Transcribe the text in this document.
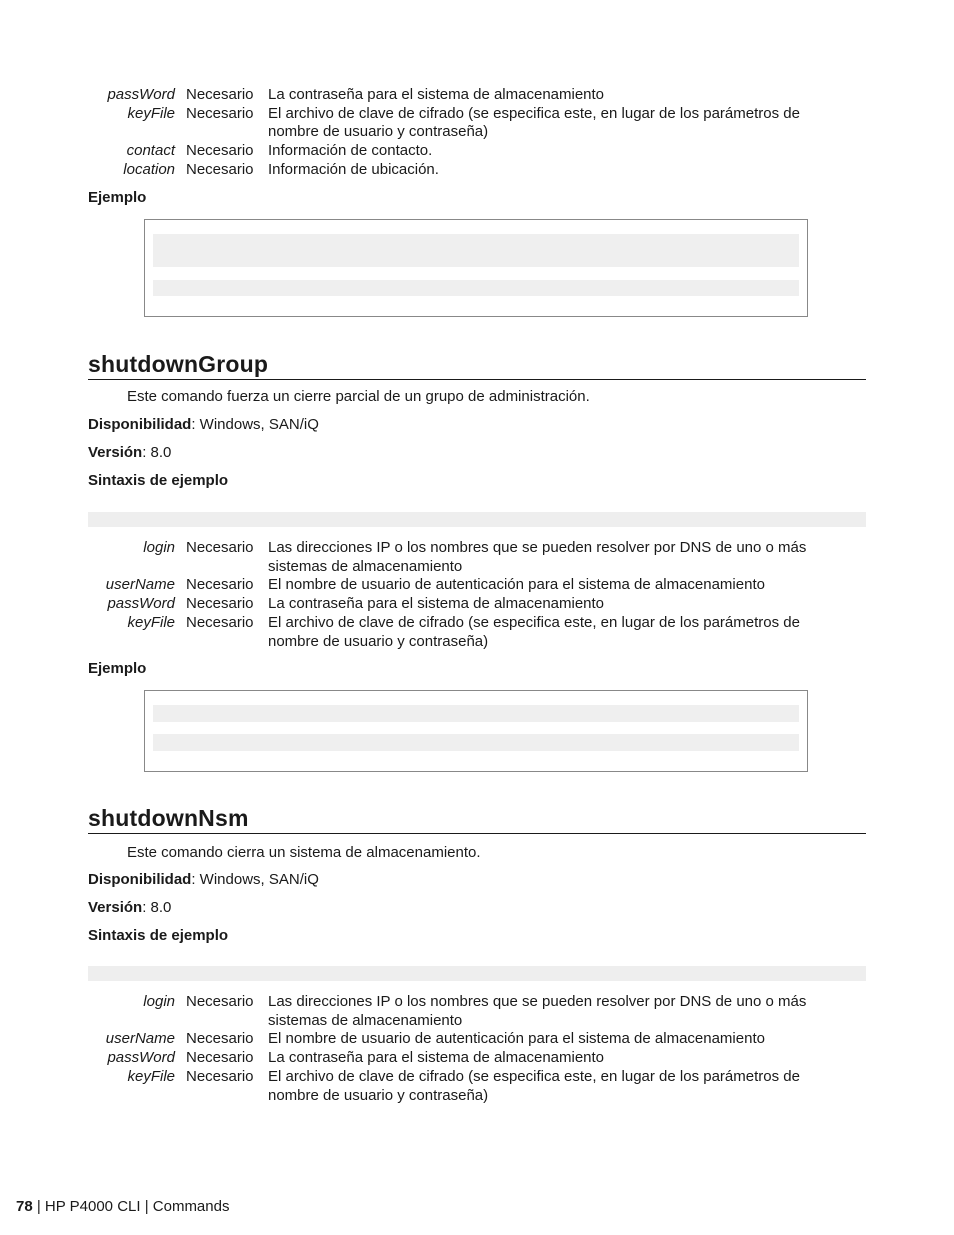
passWord	Necesario	La contraseña para el sistema de almacenamiento
keyFile	Necesario	El archivo de clave de cifrado (se especifica este, en lugar de los parámetros de nombre de usuario y contraseña)
contact	Necesario	Información de contacto.
location	Necesario	Información de ubicación.
Ejemplo
shutdownGroup
Este comando fuerza un cierre parcial de un grupo de administración.
Disponibilidad: Windows, SAN/iQ
Versión: 8.0
Sintaxis de ejemplo
login	Necesario	Las direcciones IP o los nombres que se pueden resolver por DNS de uno o más sistemas de almacenamiento
userName	Necesario	El nombre de usuario de autenticación para el sistema de almacenamiento
passWord	Necesario	La contraseña para el sistema de almacenamiento
keyFile	Necesario	El archivo de clave de cifrado (se especifica este, en lugar de los parámetros de nombre de usuario y contraseña)
Ejemplo
shutdownNsm
Este comando cierra un sistema de almacenamiento.
Disponibilidad: Windows, SAN/iQ
Versión: 8.0
Sintaxis de ejemplo
login	Necesario	Las direcciones IP o los nombres que se pueden resolver por DNS de uno o más sistemas de almacenamiento
userName	Necesario	El nombre de usuario de autenticación para el sistema de almacenamiento
passWord	Necesario	La contraseña para el sistema de almacenamiento
keyFile	Necesario	El archivo de clave de cifrado (se especifica este, en lugar de los parámetros de nombre de usuario y contraseña)
78 | HP P4000 CLI | Commands
